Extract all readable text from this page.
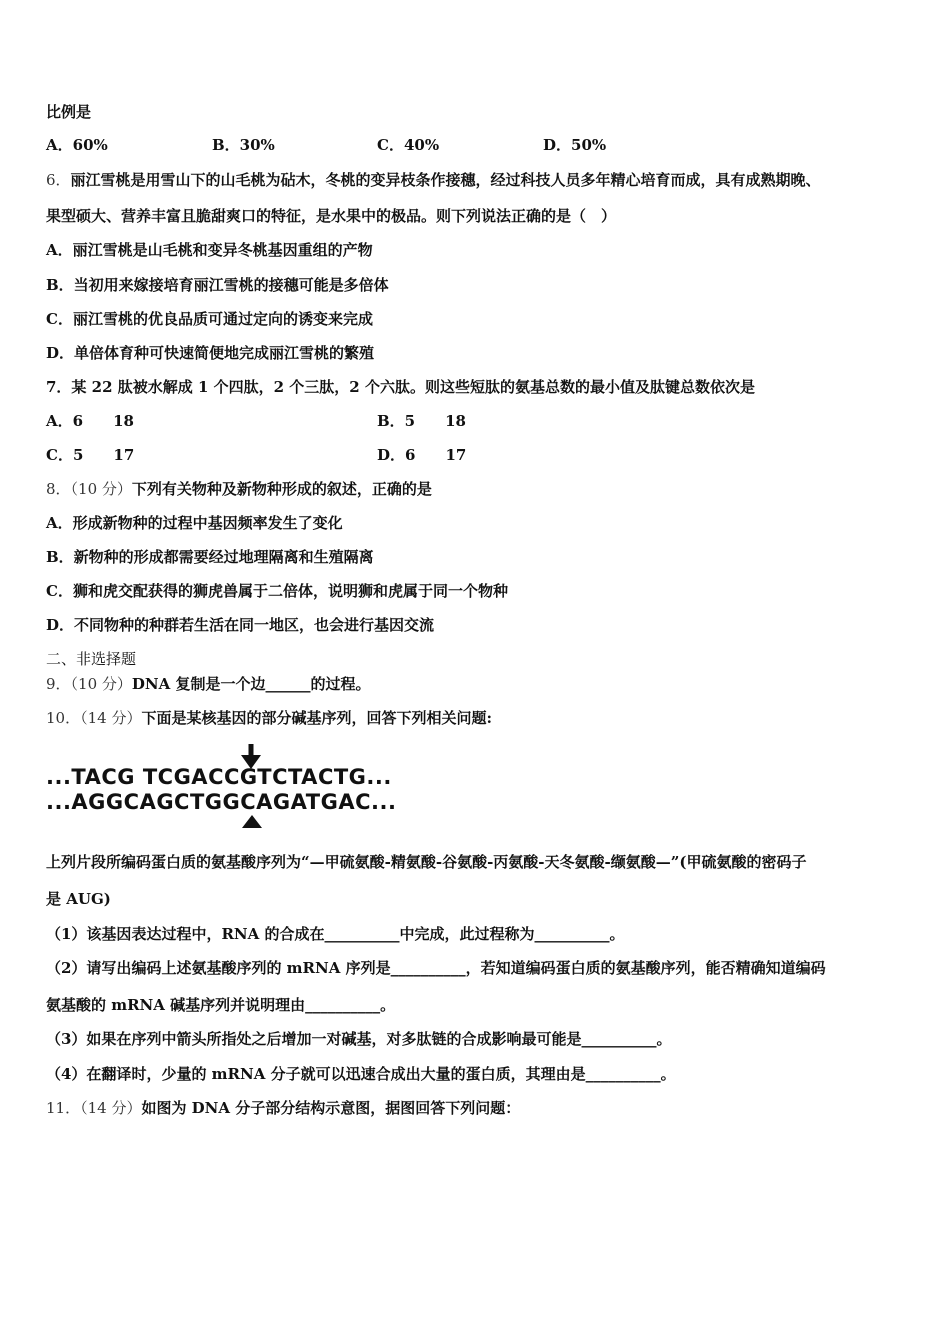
比例是
A．60%	B．30%	C．40%	D．50%
6．丽江雪桃是用雪山下的山毛桃为砧木，冬桃的变异枝条作接穗，经过科技人员多年精心培育而成，具有成熟期晚、
果型硕大、营养丰富且脆甜爽口的特征，是水果中的极品。则下列说法正确的是（　）
A．丽江雪桃是山毛桃和变异冬桃基因重组的产物
B．当初用来嫁接培育丽江雪桃的接穗可能是多倍体
C．丽江雪桃的优良品质可通过定向的诱变来完成
D．单倍体育种可快速简便地完成丽江雪桃的繁殖
7．某 22 肽被水解成 1 个四肽，2 个三肽，2 个六肽。则这些短肽的氨基总数的最小值及肽键总数依次是
A．6　　18	B．5　　18
C．5　　17	D．6　　17
8．（10 分）下列有关物种及新物种形成的叙述，正确的是
A．形成新物种的过程中基因频率发生了变化
B．新物种的形成都需要经过地理隔离和生殖隔离
C．狮和虎交配获得的狮虎兽属于二倍体，说明狮和虎属于同一个物种
D．不同物种的种群若生活在同一地区，也会进行基因交流
二、非选择题
9．（10 分）DNA 复制是一个边______的过程。
10．（14 分）下面是某核基因的部分碱基序列，回答下列相关问题:
...TACG TCGACCGTCTACTG...
...AGGCAGCTGGCAGATGAC...
上列片段所编码蛋白质的氨基酸序列为“—甲硫氨酸-精氨酸-谷氨酸-丙氨酸-天冬氨酸-缬氨酸—”(甲硫氨酸的密码子
是 AUG)
（1）该基因表达过程中，RNA 的合成在__________中完成，此过程称为__________。
（2）请写出编码上述氨基酸序列的 mRNA 序列是__________，若知道编码蛋白质的氨基酸序列，能否精确知道编码
氨基酸的 mRNA 碱基序列并说明理由__________。
（3）如果在序列中箭头所指处之后增加一对碱基，对多肽链的合成影响最可能是__________。
（4）在翻译时，少量的 mRNA 分子就可以迅速合成出大量的蛋白质，其理由是__________。
11．（14 分）如图为 DNA 分子部分结构示意图，据图回答下列问题：
